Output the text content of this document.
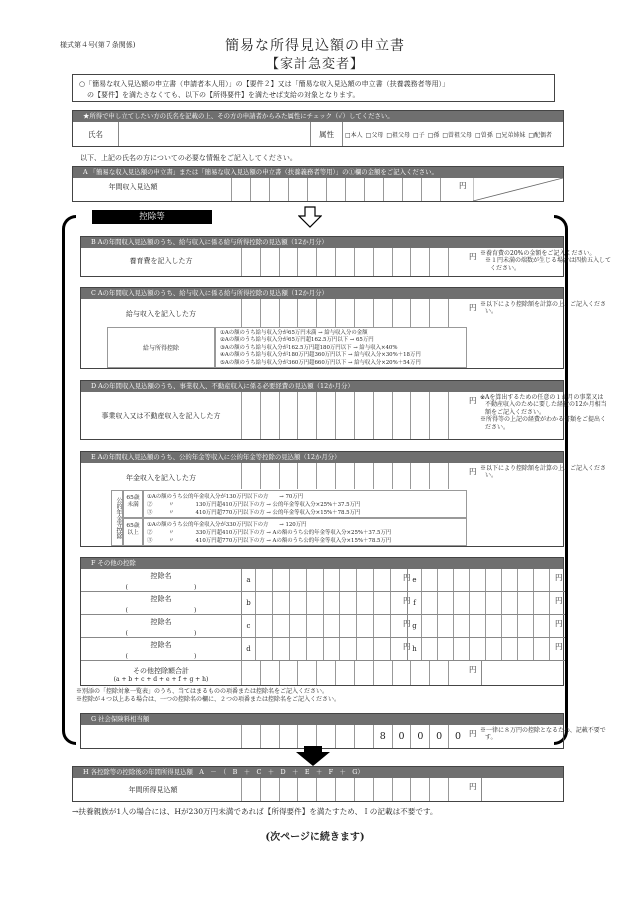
様式第４号(第７条関係)	簡易な所得見込額の申立書
【家計急変者】
○「簡易な収入見込額の申立書（申請者本人用）」の【要件２】又は「簡易な収入見込額の申立書（扶養義務者等用）」
の【要件】を満たさなくても、以下の【所得要件】を満たせば支給の対象となります。
★所得で申し立てしたい方の氏名を記載の上、その方の申請者からみた属性にチェック（✓）してください。
氏名	属性	□本人 □父母 □祖父母 □子 □孫 □曽祖父母 □曽孫 □兄弟姉妹 □配偶者
以下、上記の氏名の方についての必要な情報をご記入してください。
A 「簡易な収入見込額の申立書」または「簡易な収入見込額の申立書（扶養義務者等用）」の①欄の金額をご記入ください。
年間収入見込額	円
控除等
B Aの年間収入見込額のうち、給与収入に係る給与所得控除の見込額（12か月分）
養育費を記入した方	円 ※養育費の20%の金額をご記入ください。
※１円未満の端数が生じる場合は四捨五入して
ください。
C Aの年間収入見込額のうち、給与収入に係る給与所得控除の見込額（12か月分）
給与収入を記入した方
円 ※以下により控除額を計算の上、ご記入くださ
い。
給与所得控除
①Aの額のうち給与収入分が65万円未満 → 給与収入分の金額
②Aの額のうち給与収入分が65万円超162.5万円以下 → 65万円
③Aの額のうち給与収入分が162.5万円超180万円以下 → 給与収入×40%
④Aの額のうち給与収入分が180万円超360万円以下 → 給与収入分×30%＋18万円
⑤Aの額のうち給与収入分が360万円超660万円以下 → 給与収入分×20%＋54万円
D Aの年間収入見込額のうち、事業収入、不動産収入に係る必要経費の見込額（12か月分）
事業収入又は不動産収入を記入した方
円 ※Aを算出するための任意の１か月の事業又は
不動産収入のために要した経費の12か月相当
額をご記入ください。
※所得等の上記の経費がわかる書類をご提出く
ださい。
E Aの年間収入見込額のうち、公的年金等収入に公的年金等控除の見込額（12か月分）
年金収入を記入した方
円 ※以下により控除額を計算の上、ご記入くださ
い。
公的年金等控除 65歳未満
65歳以上
①Aの額のうち公的年金収入分が130万円以下の方　　→ 70万円
②　　　〃　　　　130万円超410万円以下の方 → 公的年金等収入分×25%＋37.5万円
③　　　〃　　　　410万円超770万円以下の方 → 公的年金等収入分×15%＋78.5万円
①Aの額のうち公的年金収入分が330万円以下の方　　→ 120万円
②　　　〃　　　　330万円超410万円以下の方 → Aの額のうち公的年金等収入分×25%＋37.5万円
③　　　〃　　　　410万円超770万円以下の方 → Aの額のうち公的年金等収入分×15%＋78.5万円
F その他の控除
控除名
(　　　　　　　　　　　)
a	円 e	円
控除名
(　　　　　　　　　　　)
b	円 f	円
控除名
(　　　　　　　　　　　)
c	円 g	円
控除名
(　　　　　　　　　　　)
d	円 h	円
その他控除額合計
(a + b + c + d + e + f + g + h)
円
※別添の「控除対象一覧表」のうち、当てはまるものの項番または控除名をご記入ください。
※控除が４つ以上ある場合は、一つの控除名の欄に、２つの項番または控除名をご記入ください。
G 社会保険料相当額
8	0	0	0	0	円 ※一律に８万円の控除となるため、記載不要で
す。
H 各控除等の控除後の年間所得見込額　A　－　（　B　＋　C　＋　D　＋　E　＋　F　＋　G）
年間所得見込額	円
→扶養親族が1人の場合には、Hが230万円未満であれば【所得要件】を満たすため、Ｉの記載は不要です。
(次ページに続きます)
